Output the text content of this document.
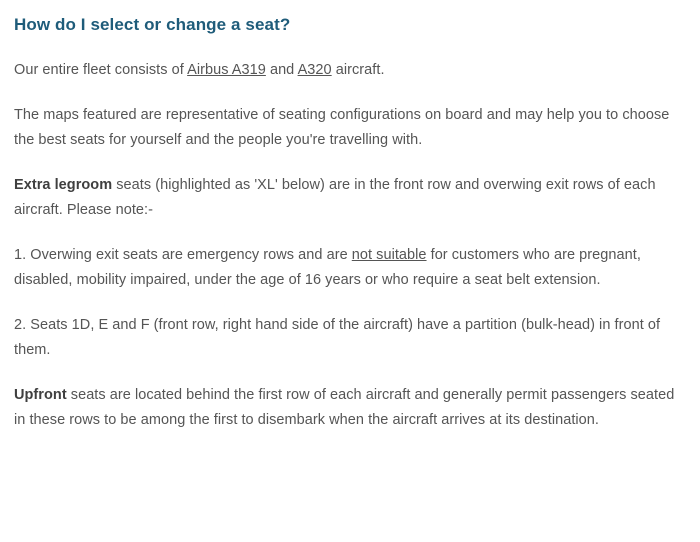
How do I select or change a seat?

Our entire fleet consists of Airbus A319 and A320 aircraft.

The maps featured are representative of seating configurations on board and may help you to choose the best seats for yourself and the people you're travelling with.

Extra legroom seats (highlighted as 'XL' below) are in the front row and overwing exit rows of each aircraft. Please note:-

1. Overwing exit seats are emergency rows and are not suitable for customers who are pregnant, disabled, mobility impaired, under the age of 16 years or who require a seat belt extension.

2. Seats 1D, E and F (front row, right hand side of the aircraft) have a partition (bulk-head) in front of them.

Upfront seats are located behind the first row of each aircraft and generally permit passengers seated in these rows to be among the first to disembark when the aircraft arrives at its destination.
